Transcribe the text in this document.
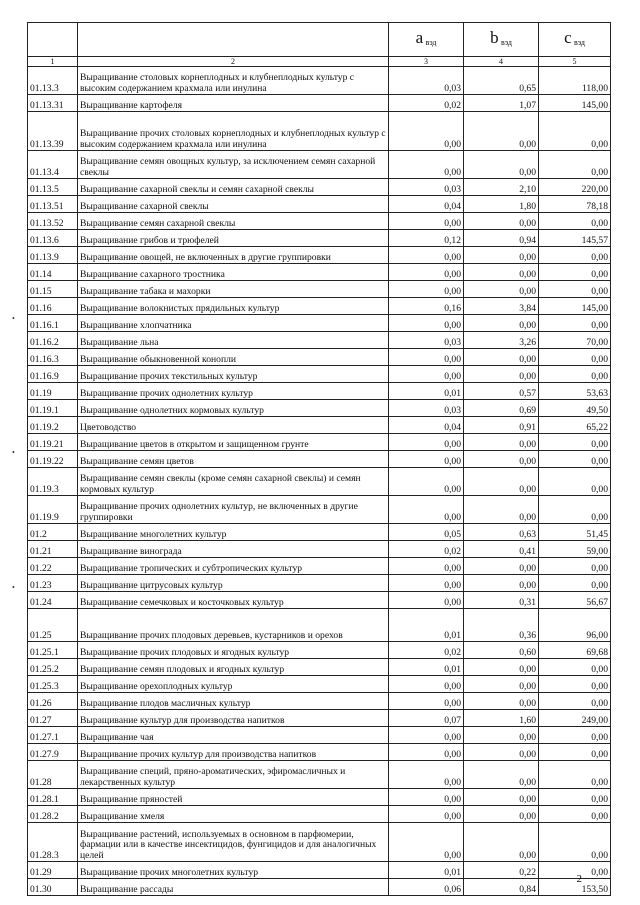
		a $_{вэд}$	b $_{вэд}$	c $_{вэд}$
1	2	3	4	5
01.13.3	Выращивание столовых корнеплодных и клубнеплодных культур с высоким содержанием крахмала или инулина	0,03	0,65	118,00
01.13.31	Выращивание картофеля	0,02	1,07	145,00
01.13.39	Выращивание прочих столовых корнеплодных и клубнеплодных культур с высоким содержанием крахмала или инулина	0,00	0,00	0,00
01.13.4	Выращивание семян овощных культур, за исключением семян сахарной свеклы	0,00	0,00	0,00
01.13.5	Выращивание сахарной свеклы и семян сахарной свеклы	0,03	2,10	220,00
01.13.51	Выращивание сахарной свеклы	0,04	1,80	78,18
01.13.52	Выращивание семян сахарной свеклы	0,00	0,00	0,00
01.13.6	Выращивание грибов и трюфелей	0,12	0,94	145,57
01.13.9	Выращивание овощей, не включенных в другие группировки	0,00	0,00	0,00
01.14	Выращивание сахарного тростника	0,00	0,00	0,00
01.15	Выращивание табака и махорки	0,00	0,00	0,00
01.16	Выращивание волокнистых прядильных культур	0,16	3,84	145,00
01.16.1	Выращивание хлопчатника	0,00	0,00	0,00
01.16.2	Выращивание льна	0,03	3,26	70,00
01.16.3	Выращивание обыкновенной конопли	0,00	0,00	0,00
01.16.9	Выращивание прочих текстильных культур	0,00	0,00	0,00
01.19	Выращивание прочих однолетних культур	0,01	0,57	53,63
01.19.1	Выращивание однолетних кормовых культур	0,03	0,69	49,50
01.19.2	Цветоводство	0,04	0,91	65,22
01.19.21	Выращивание цветов в открытом и защищенном грунте	0,00	0,00	0,00
01.19.22	Выращивание семян цветов	0,00	0,00	0,00
01.19.3	Выращивание семян свеклы (кроме семян сахарной свеклы) и семян кормовых культур	0,00	0,00	0,00
01.19.9	Выращивание прочих однолетних культур, не включенных в другие группировки	0,00	0,00	0,00
01.2	Выращивание многолетних культур	0,05	0,63	51,45
01.21	Выращивание винограда	0,02	0,41	59,00
01.22	Выращивание тропических и субтропических культур	0,00	0,00	0,00
01.23	Выращивание цитрусовых культур	0,00	0,00	0,00
01.24	Выращивание семечковых и косточковых культур	0,00	0,31	56,67
01.25	Выращивание прочих плодовых деревьев, кустарников и орехов	0,01	0,36	96,00
01.25.1	Выращивание прочих плодовых и ягодных культур	0,02	0,60	69,68
01.25.2	Выращивание семян плодовых и ягодных культур	0,01	0,00	0,00
01.25.3	Выращивание орехоплодных культур	0,00	0,00	0,00
01.26	Выращивание плодов масличных культур	0,00	0,00	0,00
01.27	Выращивание культур для производства напитков	0,07	1,60	249,00
01.27.1	Выращивание чая	0,00	0,00	0,00
01.27.9	Выращивание прочих культур для производства напитков	0,00	0,00	0,00
01.28	Выращивание специй, пряно-ароматических, эфиромасличных и лекарственных культур	0,00	0,00	0,00
01.28.1	Выращивание пряностей	0,00	0,00	0,00
01.28.2	Выращивание хмеля	0,00	0,00	0,00
01.28.3	Выращивание растений, используемых в основном в парфюмерии, фармации или в качестве инсектицидов, фунгицидов и для аналогичных целей	0,00	0,00	0,00
01.29	Выращивание прочих многолетних культур	0,01	0,22	0,00
01.30	Выращивание рассады	0,06	0,84	153,50
•
•
•
2
